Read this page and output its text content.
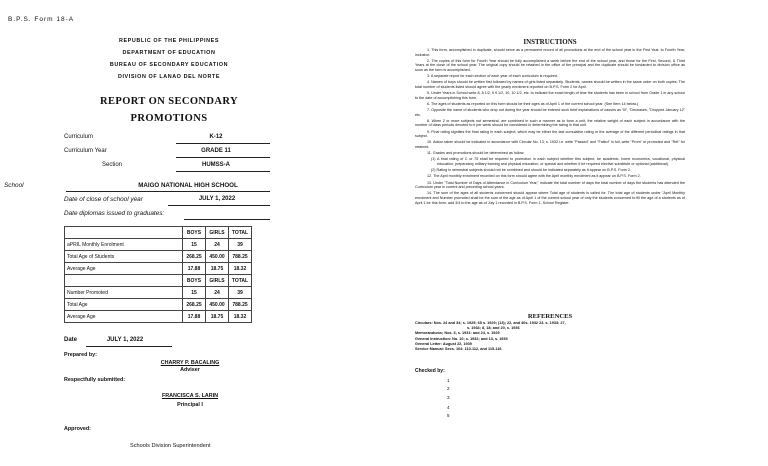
B.P.S. Form 18-A
REPUBLIC OF THE PHILIPPINES
DEPARTMENT OF EDUCATION
BUREAU OF SECONDARY EDUCATION
DIVISION OF LANAO DEL NORTE
REPORT ON SECONDARY
PROMOTIONS
Curriculum	K-12
Curriculum Year	GRADE 11
Section	HUMSS-A
School	MAIGO NATIONAL HIGH SCHOOL
Date of close of school year	JULY 1, 2022
Date diplomas issued to graduates:
	BOYS	GIRLS	TOTAL
aPRIL Monthly Enrolment	15	24	39
Total Age of Students	268.25	450.00	788.25
Average Age	17.88	18.75	18.32
	BOYS	GIRLS	TOTAL
Number Promoted	15	24	39
Total Age	268.25	450.00	788.25
Average Age	17.88	18.75	18.32
Date	JULY 1, 2022
Prepared by:
CHARRY P. BACALING
Adviser
Respectfully submitted:
FRANCISCA S. LARIN
Principal I
Approved:
Schools Division Superintendent
INSTRUCTIONS

1. This form, accomplished in duplicate, should serve as a permanent record of all promotions at the end of the school year in the First Year, to Fourth Year, inclusive.

2. The copies of this form for Fourth Year should be fully accomplished a week before the end of the school year, and those for the First, Second, & Third Years at the close of the school year. The original copy should be retained in the office of the principal and the duplicate should be forwarded to division office as soon as the form is accomplished.

3. A separate report for each section of each year of each curriculum is required.

4. Names of boys should be written first followed by names of girls listed separately. Students, names should be written in the same order on both copies. The total number of students listed should agree with the yearly enrolment reported on B.P.S. Form 2 for April.

5. Under Years in School write 8, 8 1/2, 9 9 1/2, 10, 10 1/2, etc. to indicate the exact length of time the students has been in school from Grade 1 in any school to the date of accomplishing this form.

6. The ages of students as reported on this form should be their ages as of April 1 of the current school year. (See Item 14 below.)

7. Opposite the name of students who drop out during the year should be entered such brief explanations of causes as "ill", "Deceases, "Dropped January 12" etc.

8. When 2 or more subjects not semestral, are combined in such a manner as to form a unit, the relative weight of each subject in accordance with the number of class periods devoted to it per week should be considered in determining the rating in that unit.

9. Final rating signifies the final rating in each subject, which may be either the last cumulative rating or the average of the different periodical ratings in that subject.

10. Action taken should be indicated in accordance with Circular No. 13, s. 1932 i.e. write "Passed" and "Failed" in full, write "Prom" or promoted and "Ret" for retained.

11. Grades and promotions should be determined as follow:

(1) A final rating of C or 75 shall be required to promotion in each subject whether this subject, be academic, home economics, vocational, physical education, preparatory military training and physical education, or special and whether it be required elective substitute or optional (additional).

(2) Rating in semestral subjects should not be combined and should be indicated separately as it appear on B.P.S. Form 2.

12. The April monthly enrolment recorded on this form should agree with the April monthly enrolment as it appear on B.P.S. Form 2.

13. Under "Total Number of Days of Attendance in Curriculum Year," indicate the total number of days the total number of days the students has attended the Curriculum year in current and preceding school years.

14. The sum of the ages of all students concerned should appear where Total age of students is called for. The total age of students under "April Monthly enrolment and Number promoted shall be the sum of the age as of April 1 of the current school year of only the students concerned to fill the age of a students as of April 1 for this form, add 3/4 to the age as of July 1 recorded in B.P.S. Form 1, School Register.

REFERENCES
Circulars: Nos. 24 and 34; s. 1929; 65 s. 1929; (13); 22, and 40s. 1932 23. s. 1933: 27,
s. 1934; 8, 18; and 20, s. 1936
Memorandums; Nos. 6, s. 1931: and 24, s. 1929
General Instruction: No. 10; s. 1932; and 13, s. 1939
General Letter: August 22, 1939
Service Manual: Secs. 104: 110-112, and 115-116
Checked by:
1
2
3
4
5
